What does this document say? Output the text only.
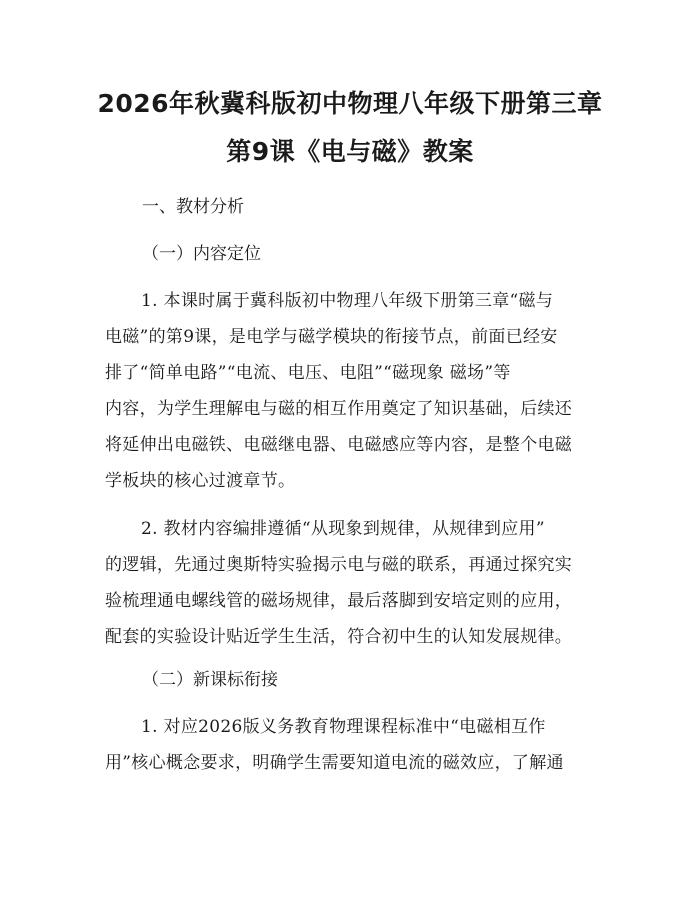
2026年秋冀科版初中物理八年级下册第三章
第9课《电与磁》教案
一、教材分析
（一）内容定位
1. 本课时属于冀科版初中物理八年级下册第三章“磁与
电磁”的第9课，是电学与磁学模块的衔接节点，前面已经安
排了“简单电路”“电流、电压、电阻”“磁现象 磁场”等
内容，为学生理解电与磁的相互作用奠定了知识基础，后续还
将延伸出电磁铁、电磁继电器、电磁感应等内容，是整个电磁
学板块的核心过渡章节。
2. 教材内容编排遵循“从现象到规律，从规律到应用”
的逻辑，先通过奥斯特实验揭示电与磁的联系，再通过探究实
验梳理通电螺线管的磁场规律，最后落脚到安培定则的应用，
配套的实验设计贴近学生生活，符合初中生的认知发展规律。
（二）新课标衔接
1. 对应2026版义务教育物理课程标准中“电磁相互作
用”核心概念要求，明确学生需要知道电流的磁效应，了解通
